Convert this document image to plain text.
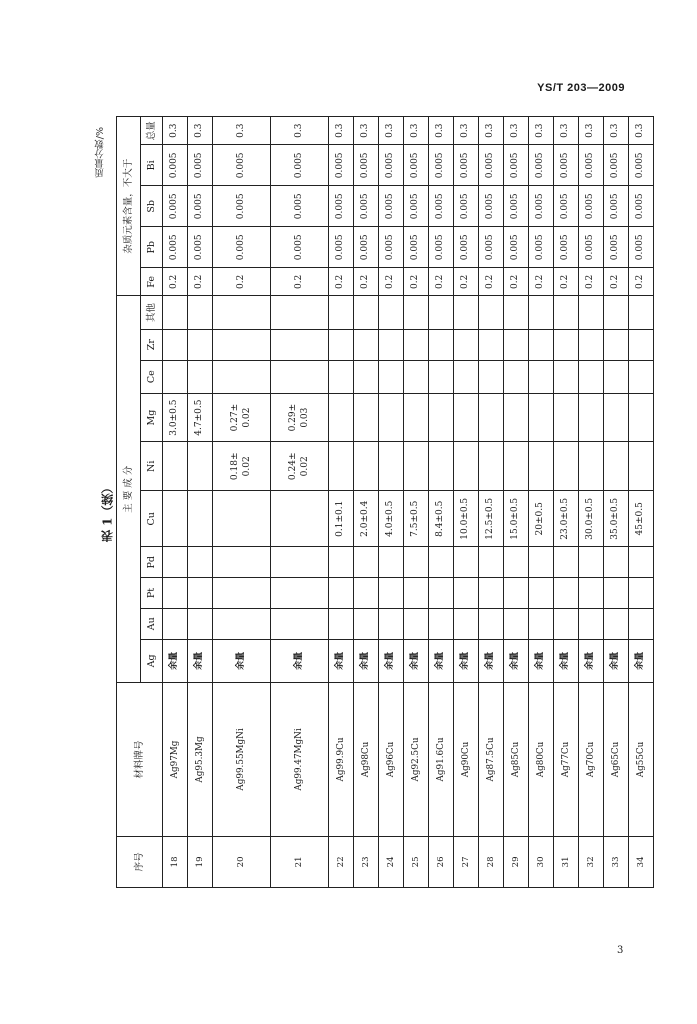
YS/T 203—2009
质量分数/%
表 1（续）
序号	材料牌号	主 要 成 分										杂质元素含量，不大于				
		Ag	Au	Pt	Pd	Cu	Ni	Mg	Ce	Zr	其他	Fe	Pb	Sb	Bi	总量
18	Ag97Mg	余量						3.0±0.5				0.2	0.005	0.005	0.005	0.3
19	Ag95.3Mg	余量						4.7±0.5				0.2	0.005	0.005	0.005	0.3
20	Ag99.55MgNi	余量					0.18±
0.02	0.27±
0.02				0.2	0.005	0.005	0.005	0.3
21	Ag99.47MgNi	余量					0.24±
0.02	0.29±
0.03				0.2	0.005	0.005	0.005	0.3
22	Ag99.9Cu	余量				0.1±0.1						0.2	0.005	0.005	0.005	0.3
23	Ag98Cu	余量				2.0±0.4						0.2	0.005	0.005	0.005	0.3
24	Ag96Cu	余量				4.0±0.5						0.2	0.005	0.005	0.005	0.3
25	Ag92.5Cu	余量				7.5±0.5						0.2	0.005	0.005	0.005	0.3
26	Ag91.6Cu	余量				8.4±0.5						0.2	0.005	0.005	0.005	0.3
27	Ag90Cu	余量				10.0±0.5						0.2	0.005	0.005	0.005	0.3
28	Ag87.5Cu	余量				12.5±0.5						0.2	0.005	0.005	0.005	0.3
29	Ag85Cu	余量				15.0±0.5						0.2	0.005	0.005	0.005	0.3
30	Ag80Cu	余量				20±0.5						0.2	0.005	0.005	0.005	0.3
31	Ag77Cu	余量				23.0±0.5						0.2	0.005	0.005	0.005	0.3
32	Ag70Cu	余量				30.0±0.5						0.2	0.005	0.005	0.005	0.3
33	Ag65Cu	余量				35.0±0.5						0.2	0.005	0.005	0.005	0.3
34	Ag55Cu	余量				45±0.5						0.2	0.005	0.005	0.005	0.3
3
